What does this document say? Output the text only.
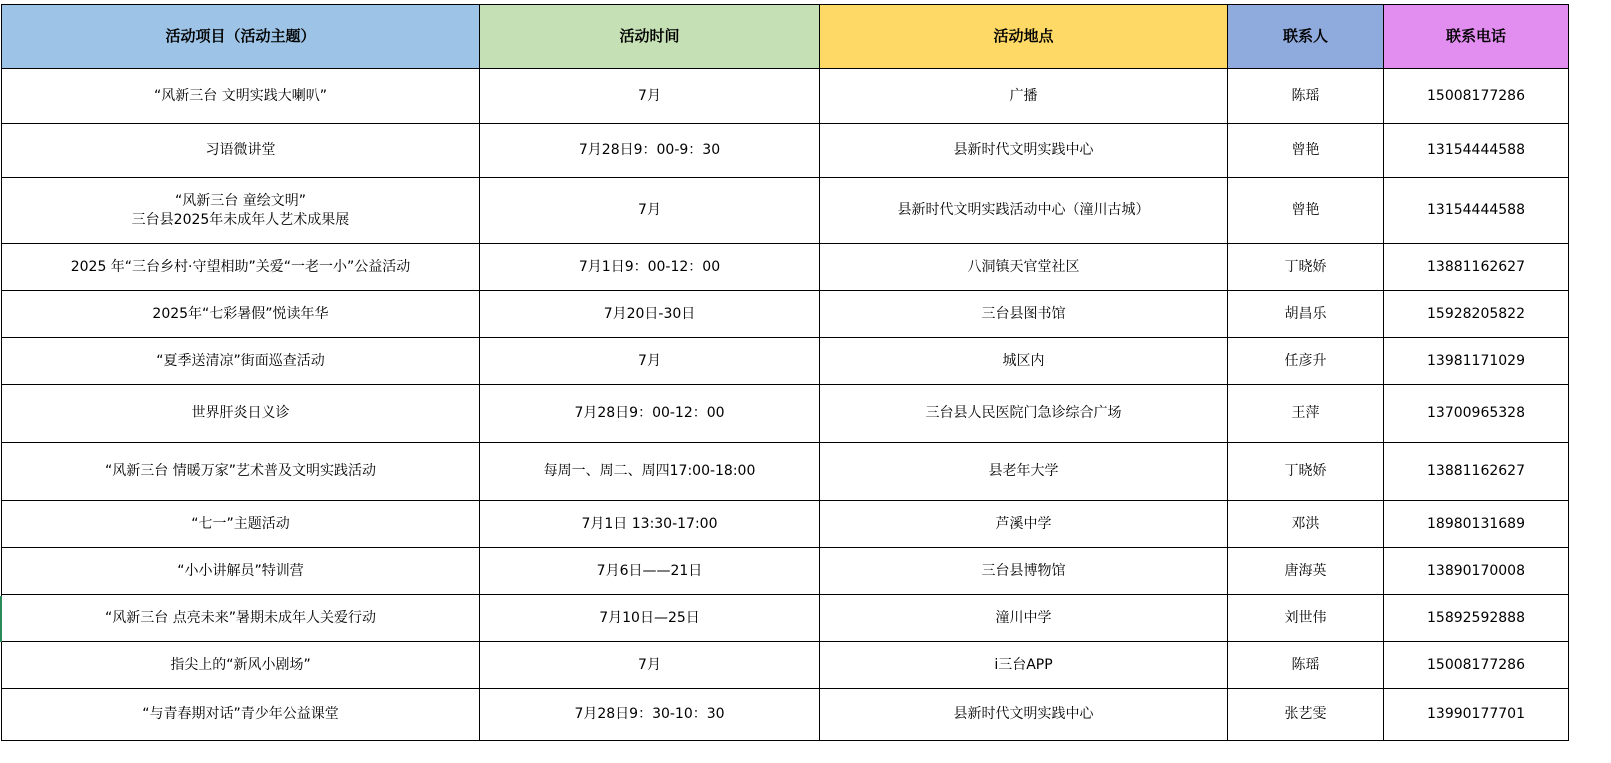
活动项目（活动主题）	活动时间	活动地点	联系人	联系电话
“风新三台 文明实践大喇叭”	7月	广播	陈瑶	15008177286
习语微讲堂	7月28日9：00-9：30	县新时代文明实践中心	曾艳	13154444588
“风新三台 童绘文明”
三台县2025年未成年人艺术成果展	7月	县新时代文明实践活动中心（潼川古城）	曾艳	13154444588
2025 年“三台乡村·守望相助”关爱“一老一小”公益活动	7月1日9：00-12：00	八洞镇天官堂社区	丁晓娇	13881162627
2025年“七彩暑假”悦读年华	7月20日-30日	三台县图书馆	胡昌乐	15928205822
“夏季送清凉”街面巡查活动	7月	城区内	任彦升	13981171029
世界肝炎日义诊	7月28日9：00-12：00	三台县人民医院门急诊综合广场	王萍	13700965328
“风新三台 情暖万家”艺术普及文明实践活动	每周一、周二、周四17:00-18:00	县老年大学	丁晓娇	13881162627
“七一”主题活动	7月1日 13:30-17:00	芦溪中学	邓洪	18980131689
“小小讲解员”特训营	7月6日——21日	三台县博物馆	唐海英	13890170008
“风新三台 点亮未来”暑期未成年人关爱行动	7月10日—25日	潼川中学	刘世伟	15892592888
指尖上的“新风小剧场”	7月	i三台APP	陈瑶	15008177286
“与青春期对话”青少年公益课堂	7月28日9：30-10：30	县新时代文明实践中心	张艺雯	13990177701
